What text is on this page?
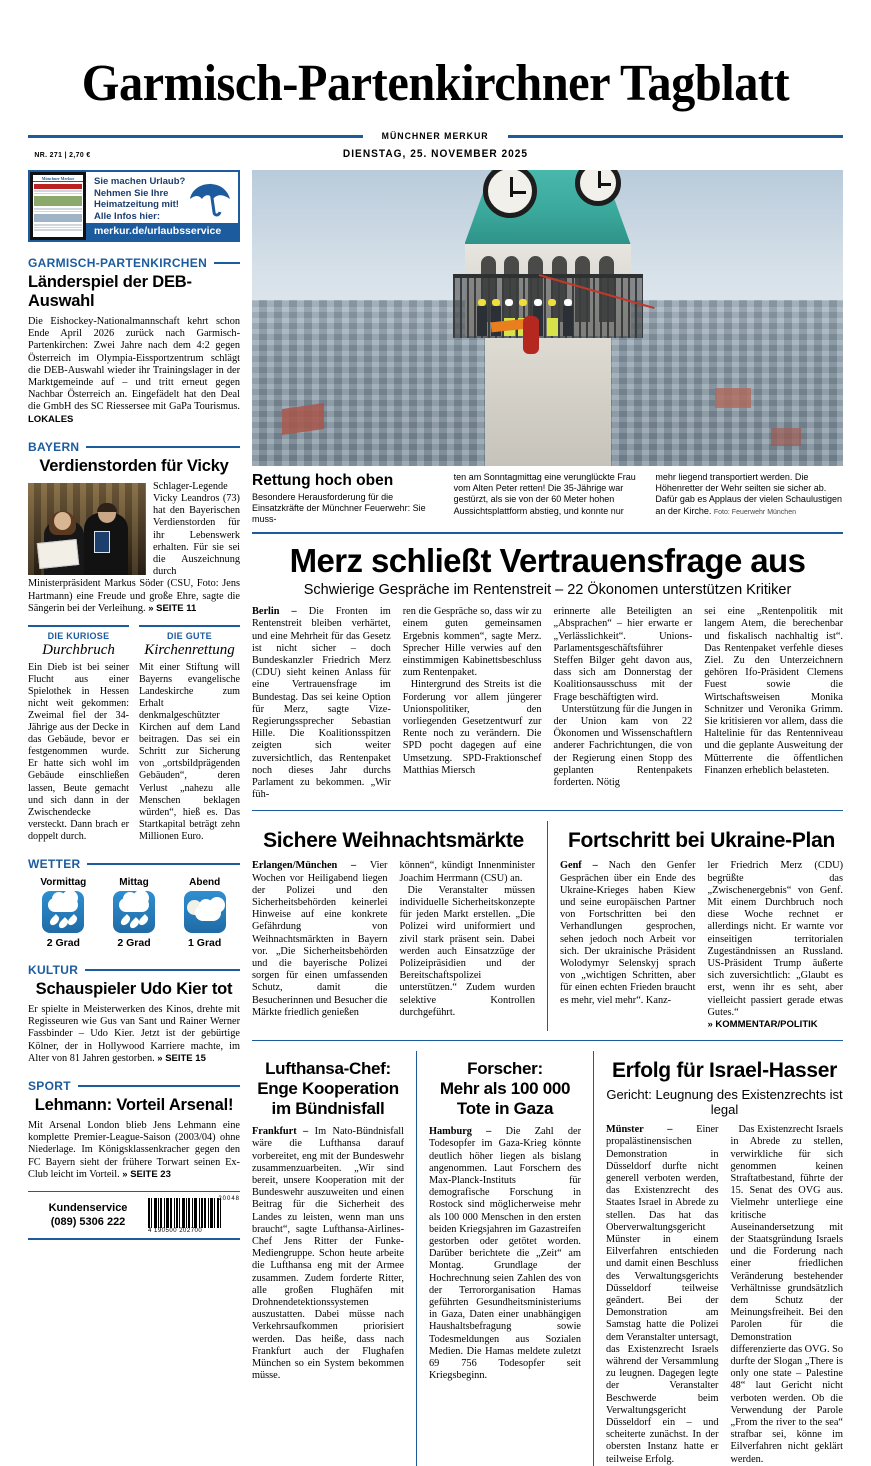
Garmisch-Partenkirchner Tagblatt
MÜNCHNER MERKUR
NR. 271 | 2,70 €	DIENSTAG, 25. NOVEMBER 2025
Münchner Merkur	Sie machen Urlaub?
Nehmen Sie Ihre
Heimatzeitung mit!
Alle Infos hier:
merkur.de/urlaubsservice
GARMISCH-PARTENKIRCHEN
Länderspiel der DEB-Auswahl
Die Eishockey-Nationalmannschaft kehrt schon Ende April 2026 zurück nach Garmisch-Partenkirchen: Zwei Jahre nach dem 4:2 gegen Österreich im Olympia-Eissportzentrum schlägt die DEB-Auswahl wieder ihr Trainingslager in der Marktgemeinde auf – und tritt erneut gegen Nachbar Österreich an. Eingefädelt hat den Deal die GmbH des SC Riessersee mit GaPa Tourismus. LOKALES
BAYERN
Verdienstorden für Vicky
Schlager-Legende Vicky Leandros (73) hat den Bayerischen Verdienstorden für ihr Lebenswerk erhalten. Für sie sei die Auszeichnung durch Ministerpräsident Markus Söder (CSU, Foto: Jens Hartmann) eine Freude und große Ehre, sagte die Sängerin bei der Verleihung. » SEITE 11
DIE KURIOSE
Durchbruch
Ein Dieb ist bei seiner Flucht aus einer Spielothek in Hessen nicht weit gekommen: Zweimal fiel der 34-Jährige aus der Decke in das Gebäude, bevor er festgenommen wurde. Er hatte sich wohl im Gebäude einschließen lassen, Beute gemacht und sich dann in der Zwischendecke versteckt. Dann brach er doppelt durch.
DIE GUTE
Kirchenrettung
Mit einer Stiftung will Bayerns evangelische Landeskirche zum Erhalt denkmalgeschützter Kirchen auf dem Land beitragen. Das sei ein Schritt zur Sicherung von „ortsbildprägenden Gebäuden“, deren Verlust „nahezu alle Menschen beklagen würden“, hieß es. Das Startkapital beträgt zehn Millionen Euro.
WETTER
Vormittag
2 Grad
Mittag
2 Grad
Abend
1 Grad
KULTUR
Schauspieler Udo Kier tot
Er spielte in Meisterwerken des Kinos, drehte mit Regisseuren wie Gus van Sant und Rainer Werner Fassbinder – Udo Kier. Jetzt ist der gebürtige Kölner, der in Hollywood Karriere machte, im Alter von 81 Jahren gestorben. » SEITE 15
SPORT
Lehmann: Vorteil Arsenal!
Mit Arsenal London blieb Jens Lehmann eine komplette Premier-League-Saison (2003/04) ohne Niederlage. Im Königsklassenkracher gegen den FC Bayern sieht der frühere Torwart seinen Ex-Club leicht im Vorteil. » SEITE 23
Kundenservice
(089) 5306 222
20048
4 190500 202700
Rettung hoch oben
Besondere Herausforderung für die Einsatzkräfte der Münchner Feuerwehr: Sie muss-
ten am Sonntagmittag eine verunglückte Frau vom Alten Peter retten! Die 35-Jährige war gestürzt, als sie von der 60 Meter hohen Aussichtsplattform abstieg, und konnte nur
mehr liegend transportiert werden. Die Höhenretter der Wehr seilten sie sicher ab. Dafür gab es Applaus der vielen Schaulustigen an der Kirche. Foto: Feuerwehr München
Merz schließt Vertrauensfrage aus
Schwierige Gespräche im Rentenstreit – 22 Ökonomen unterstützen Kritiker

Berlin – Die Fronten im Rentenstreit bleiben verhärtet, und eine Mehrheit für das Gesetz ist nicht sicher – doch Bundeskanzler Friedrich Merz (CDU) sieht keinen Anlass für eine Vertrauensfrage im Bundestag. Das sei keine Option für Merz, sagte Vize-Regierungssprecher Sebastian Hille. Die Koalitionsspitzen zeigten sich weiter zuversichtlich, das Rentenpaket noch dieses Jahr durchs Parlament zu bekommen. „Wir füh-

ren die Gespräche so, dass wir zu einem guten gemeinsamen Ergebnis kommen“, sagte Merz. Sprecher Hille verwies auf den einstimmigen Kabinettsbeschluss zum Rentenpaket.

Hintergrund des Streits ist die Forderung vor allem jüngerer Unionspolitiker, den vorliegenden Gesetzentwurf zur Rente noch zu verändern. Die SPD pocht dagegen auf eine Umsetzung. SPD-Fraktionschef Matthias Miersch

erinnerte alle Beteiligten an „Absprachen“ – hier erwarte er „Verlässlichkeit“. Unions-Parlamentsgeschäftsführer Steffen Bilger geht davon aus, dass sich am Donnerstag der Koalitionsausschuss mit der Frage beschäftigten wird.

Unterstützung für die Jungen in der Union kam von 22 Ökonomen und Wissenschaftlern anderer Fachrichtungen, die von der Regierung einen Stopp des geplanten Rentenpakets forderten. Nötig

sei eine „Rentenpolitik mit langem Atem, die berechenbar und fiskalisch nachhaltig ist“. Das Rentenpaket verfehle dieses Ziel. Zu den Unterzeichnern gehören Ifo-Präsident Clemens Fuest sowie die Wirtschaftsweisen Monika Schnitzer und Veronika Grimm. Sie kritisieren vor allem, dass die Haltelinie für das Rentenniveau und die geplante Ausweitung der Mütterrente die öffentlichen Finanzen erheblich belasteten.

Sichere Weihnachtsmärkte

Erlangen/München – Vier Wochen vor Heiligabend liegen der Polizei und den Sicherheitsbehörden keinerlei Hinweise auf eine konkrete Gefährdung von Weihnachtsmärkten in Bayern vor. „Die Sicherheitsbehörden und die bayerische Polizei sorgen für einen umfassenden Schutz, damit die Besucherinnen und Besucher die Märkte friedlich genießen

können“, kündigt Innenminister Joachim Herrmann (CSU) an.

Die Veranstalter müssen individuelle Sicherheitskonzepte für jeden Markt erstellen. „Die Polizei wird uniformiert und zivil stark präsent sein. Dabei werden auch Einsatzzüge der Polizeipräsidien und der Bereitschaftspolizei unterstützen.“ Zudem wurden selektive Kontrollen durchgeführt.

Fortschritt bei Ukraine-Plan

Genf – Nach den Genfer Gesprächen über ein Ende des Ukraine-Krieges haben Kiew und seine europäischen Partner von Fortschritten bei den Verhandlungen gesprochen, sehen jedoch noch Arbeit vor sich. Der ukrainische Präsident Wolodymyr Selenskyj sprach von „wichtigen Schritten, aber für einen echten Frieden braucht es mehr, viel mehr“. Kanz-

ler Friedrich Merz (CDU) begrüßte das „Zwischenergebnis“ von Genf. Mit einem Durchbruch noch diese Woche rechnet er allerdings nicht. Er warnte vor einseitigen territorialen Zugeständnissen an Russland. US-Präsident Trump äußerte sich zuversichtlich: „Glaubt es erst, wenn ihr es seht, aber vielleicht passiert gerade etwas Gutes.“ » KOMMENTAR/POLITIK

Lufthansa-Chef:
Enge Kooperation
im Bündnisfall

Frankfurt – Im Nato-Bündnisfall wäre die Lufthansa darauf vorbereitet, eng mit der Bundeswehr zusammenzuarbeiten. „Wir sind bereit, unsere Kooperation mit der Bundeswehr auszuweiten und einen Beitrag für die Sicherheit des Landes zu leisten, wenn man uns braucht“, sagte Lufthansa-Airlines-Chef Jens Ritter der Funke-Mediengruppe. Schon heute arbeite die Lufthansa eng mit der Armee zusammen. Zudem forderte Ritter, alle großen Flughäfen mit Drohnendetektionssystemen auszustatten. Dabei müsse nach Verkehrsaufkommen priorisiert werden. Das heiße, dass nach Frankfurt auch der Flughafen München so ein System bekommen müsse.

Forscher:
Mehr als 100 000
Tote in Gaza

Hamburg – Die Zahl der Todesopfer im Gaza-Krieg könnte deutlich höher liegen als bislang angenommen. Laut Forschern des Max-Planck-Instituts für demografische Forschung in Rostock sind möglicherweise mehr als 100 000 Menschen in den ersten beiden Kriegsjahren im Gazastreifen gestorben oder getötet worden. Darüber berichtete die „Zeit“ am Montag. Grundlage der Hochrechnung seien Zahlen des von der Terrororganisation Hamas geführten Gesundheitsministeriums in Gaza, Daten einer unabhängigen Haushaltsbefragung sowie Todesmeldungen aus Sozialen Medien. Die Hamas meldete zuletzt 69 756 Todesopfer seit Kriegsbeginn.

Erfolg für Israel-Hasser
Gericht: Leugnung des Existenzrechts ist legal

Münster – Einer propalästinensischen Demonstration in Düsseldorf durfte nicht generell verboten werden, das Existenzrecht des Staates Israel in Abrede zu stellen. Das hat das Oberverwaltungsgericht Münster in einem Eilverfahren entschieden und damit einen Beschluss des Verwaltungsgerichts Düsseldorf teilweise geändert. Bei der Demonstration am Samstag hatte die Polizei dem Veranstalter untersagt, das Existenzrecht Israels während der Versammlung zu leugnen. Dagegen legte der Veranstalter Beschwerde beim Verwaltungsgericht Düsseldorf ein – und scheiterte zunächst. In der obersten Instanz hatte er teilweise Erfolg.

Das Existenzrecht Israels in Abrede zu stellen, verwirkliche für sich genommen keinen Straftatbestand, führte der 15. Senat des OVG aus. Vielmehr unterliege eine kritische Auseinandersetzung mit der Staatsgründung Israels und die Forderung nach einer friedlichen Veränderung bestehender Verhältnisse grundsätzlich dem Schutz der Meinungsfreiheit. Bei den Parolen für die Demonstration differenzierte das OVG. So durfte der Slogan „There is only one state – Palestine 48“ laut Gericht nicht verboten werden. Ob die Verwendung der Parole „From the river to the sea“ strafbar sei, könne im Eilverfahren nicht geklärt werden.
